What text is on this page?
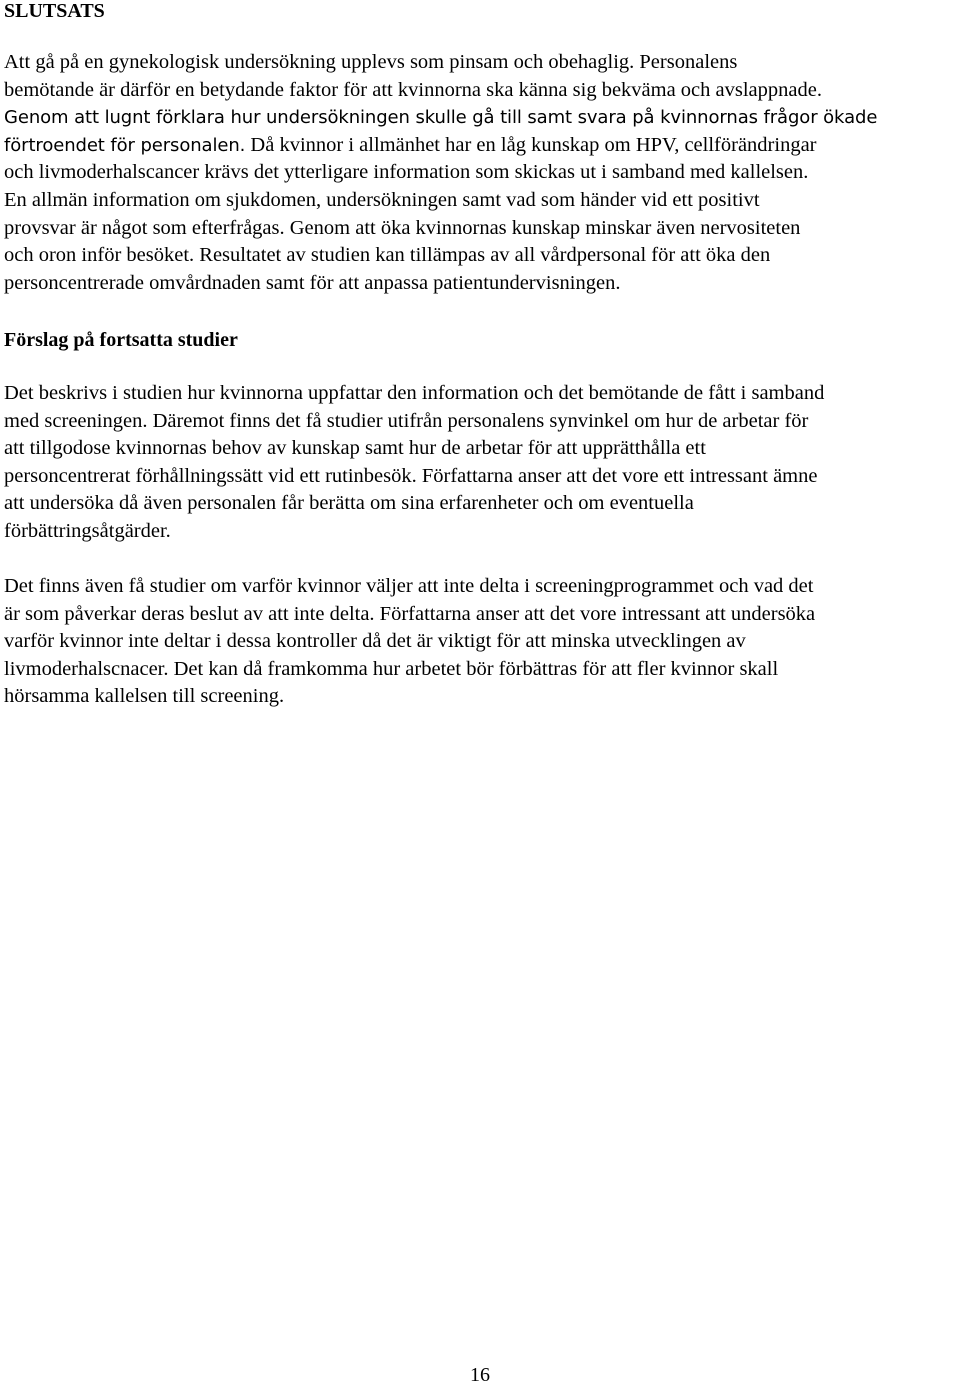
SLUTSATS
Att gå på en gynekologisk undersökning upplevs som pinsam och obehaglig. Personalens
bemötande är därför en betydande faktor för att kvinnorna ska känna sig bekväma och avslappnade.
Genom att lugnt förklara hur undersökningen skulle gå till samt svara på kvinnornas frågor ökade
förtroendet för personalen. Då kvinnor i allmänhet har en låg kunskap om HPV, cellförändringar
och livmoderhalscancer krävs det ytterligare information som skickas ut i samband med kallelsen.
En allmän information om sjukdomen, undersökningen samt vad som händer vid ett positivt
provsvar är något som efterfrågas. Genom att öka kvinnornas kunskap minskar även nervositeten
och oron inför besöket. Resultatet av studien kan tillämpas av all vårdpersonal för att öka den
personcentrerade omvårdnaden samt för att anpassa patientundervisningen.
Förslag på fortsatta studier
Det beskrivs i studien hur kvinnorna uppfattar den information och det bemötande de fått i samband
med screeningen. Däremot finns det få studier utifrån personalens synvinkel om hur de arbetar för
att tillgodose kvinnornas behov av kunskap samt hur de arbetar för att upprätthålla ett
personcentrerat förhållningssätt vid ett rutinbesök. Författarna anser att det vore ett intressant ämne
att undersöka då även personalen får berätta om sina erfarenheter och om eventuella
förbättringsåtgärder.
Det finns även få studier om varför kvinnor väljer att inte delta i screeningprogrammet och vad det
är som påverkar deras beslut av att inte delta. Författarna anser att det vore intressant att undersöka
varför kvinnor inte deltar i dessa kontroller då det är viktigt för att minska utvecklingen av
livmoderhalscnacer. Det kan då framkomma hur arbetet bör förbättras för att fler kvinnor skall
hörsamma kallelsen till screening.
16
